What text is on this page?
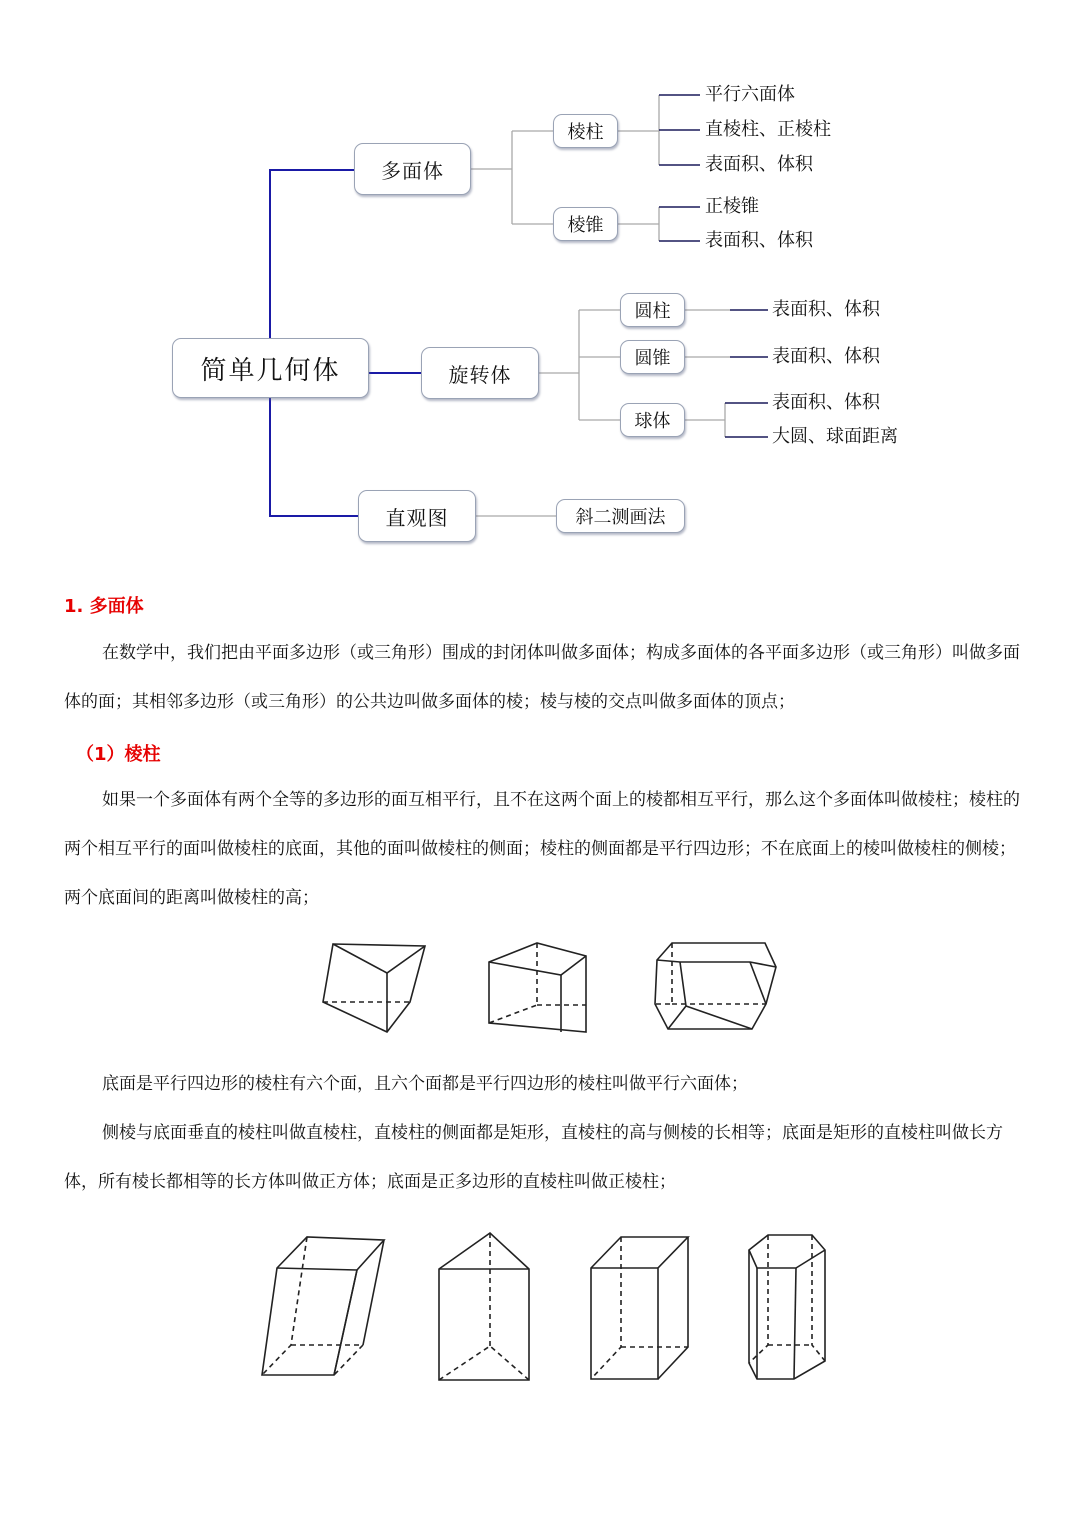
简单几何体
多面体
旋转体
直观图
棱柱
棱锥
圆柱
圆锥
球体
斜二测画法
平行六面体
直棱柱、正棱柱
表面积、体积
正棱锥
表面积、体积
表面积、体积
表面积、体积
表面积、体积
大圆、球面距离
1. 多面体

在数学中，我们把由平面多边形（或三角形）围成的封闭体叫做多面体；构成多面体的各平面多边形（或三角形）叫做多面体的面；其相邻多边形（或三角形）的公共边叫做多面体的棱；棱与棱的交点叫做多面体的顶点；

（1）棱柱

如果一个多面体有两个全等的多边形的面互相平行，且不在这两个面上的棱都相互平行，那么这个多面体叫做棱柱；棱柱的两个相互平行的面叫做棱柱的底面，其他的面叫做棱柱的侧面；棱柱的侧面都是平行四边形；不在底面上的棱叫做棱柱的侧棱；两个底面间的距离叫做棱柱的高；

底面是平行四边形的棱柱有六个面，且六个面都是平行四边形的棱柱叫做平行六面体；

侧棱与底面垂直的棱柱叫做直棱柱，直棱柱的侧面都是矩形，直棱柱的高与侧棱的长相等；底面是矩形的直棱柱叫做长方体，所有棱长都相等的长方体叫做正方体；底面是正多边形的直棱柱叫做正棱柱；
